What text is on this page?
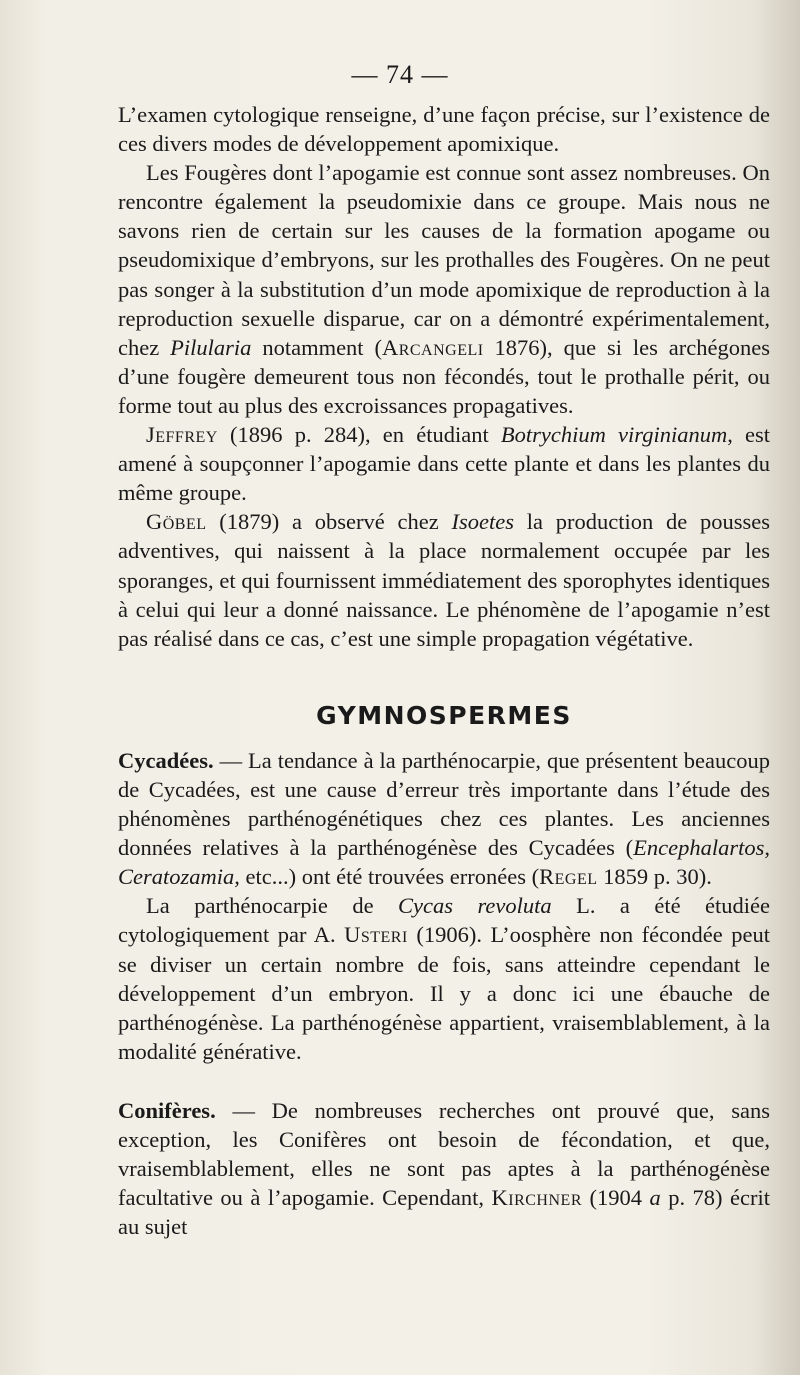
— 74 —

L’examen cytologique renseigne, d’une façon précise, sur l’existence de ces divers modes de développement apomixique.

Les Fougères dont l’apogamie est connue sont assez nombreuses. On rencontre également la pseudomixie dans ce groupe. Mais nous ne savons rien de certain sur les causes de la formation apogame ou pseudomixique d’embryons, sur les prothalles des Fougères. On ne peut pas songer à la substitution d’un mode apomixique de reproduction à la reproduction sexuelle disparue, car on a démontré expérimentalement, chez Pilularia notamment (Arcangeli 1876), que si les archégones d’une fougère demeurent tous non fécondés, tout le prothalle périt, ou forme tout au plus des excroissances propagatives.

Jeffrey (1896 p. 284), en étudiant Botrychium virginianum, est amené à soupçonner l’apogamie dans cette plante et dans les plantes du même groupe.

Göbel (1879) a observé chez Isoetes la production de pousses adventives, qui naissent à la place normalement occupée par les sporanges, et qui fournissent immédiatement des sporophytes identiques à celui qui leur a donné naissance. Le phénomène de l’apogamie n’est pas réalisé dans ce cas, c’est une simple propagation végétative.

GYMNOSPERMES

Cycadées. — La tendance à la parthénocarpie, que présentent beaucoup de Cycadées, est une cause d’erreur très importante dans l’étude des phénomènes parthénogénétiques chez ces plantes. Les anciennes données relatives à la parthénogénèse des Cycadées (Encephalartos, Ceratozamia, etc...) ont été trouvées erronées (Regel 1859 p. 30).

La parthénocarpie de Cycas revoluta L. a été étudiée cytologiquement par A. Usteri (1906). L’oosphère non fécondée peut se diviser un certain nombre de fois, sans atteindre cependant le développement d’un embryon. Il y a donc ici une ébauche de parthénogénèse. La parthénogénèse appartient, vraisemblablement, à la modalité générative.

Conifères. — De nombreuses recherches ont prouvé que, sans exception, les Conifères ont besoin de fécondation, et que, vraisemblablement, elles ne sont pas aptes à la parthénogénèse facultative ou à l’apogamie. Cependant, Kirchner (1904 a p. 78) écrit au sujet
